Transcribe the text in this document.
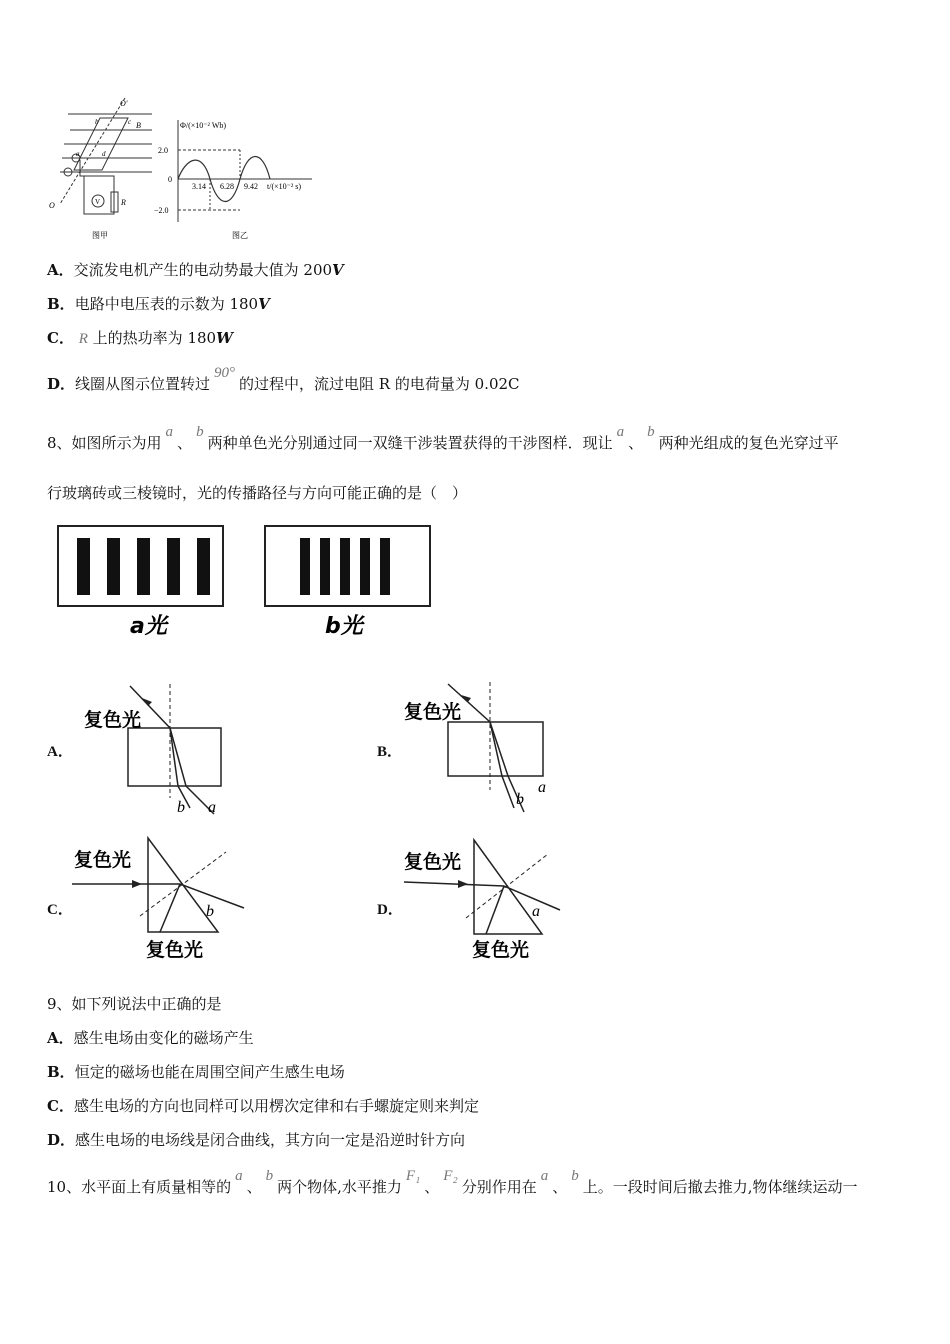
O'
b	c B
a	d
O	V	R
图甲
Φ/(×10⁻² Wb)
2.0
0
−2.0
3.14 6.28 9.42 t/(×10⁻² s)
图乙
A．交流发电机产生的电动势最大值为 200V
B．电路中电压表的示数为 180V
C． R 上的热功率为 180W
D．线圈从图示位置转过90°的过程中，流过电阻 R 的电荷量为 0.02C
8、如图所示为用a、b两种单色光分别通过同一双缝干涉装置获得的干涉图样．现让a、b两种光组成的复色光穿过平
行玻璃砖或三棱镜时，光的传播路径与方向可能正确的是（　）
a光	b光
A．
复色光
b a
B．
复色光
b
a
C．
复色光
b
复色光
D．
复色光
a
复色光
9、如下列说法中正确的是
A．感生电场由变化的磁场产生
B．恒定的磁场也能在周围空间产生感生电场
C．感生电场的方向也同样可以用楞次定律和右手螺旋定则来判定
D．感生电场的电场线是闭合曲线，其方向一定是沿逆时针方向
10、水平面上有质量相等的a、b两个物体,水平推力F₁、F₂分别作用在a、b上。一段时间后撤去推力,物体继续运动一
